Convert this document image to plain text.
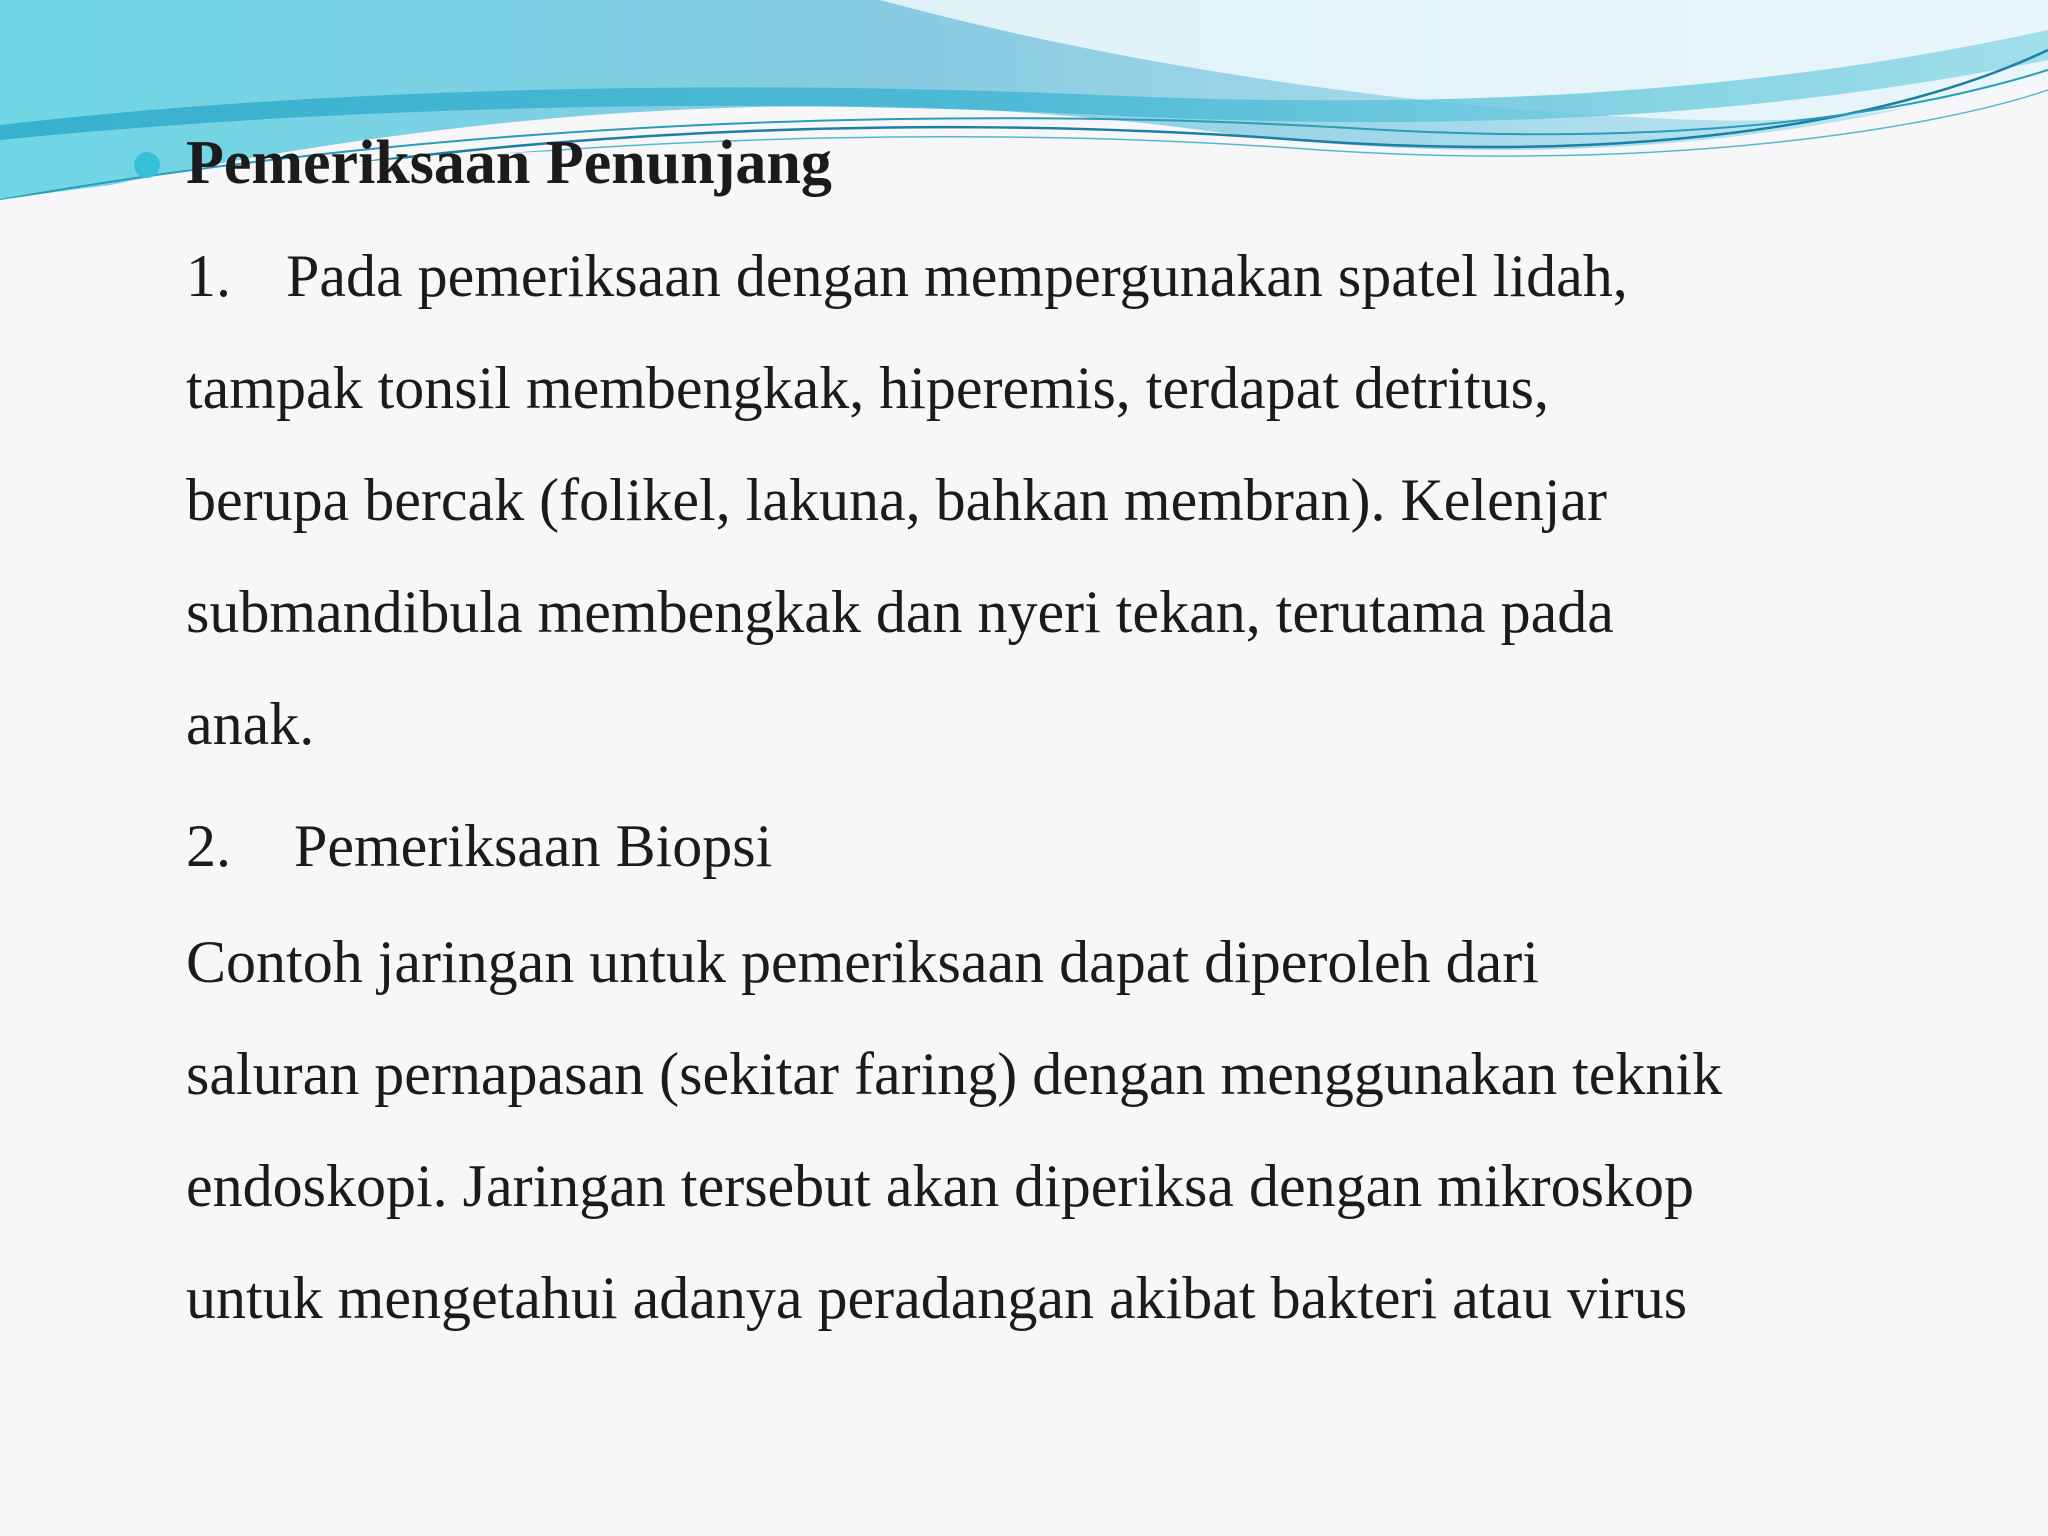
Pemeriksaan Penunjang

1. Pada pemeriksaan dengan mempergunakan spatel lidah,

tampak tonsil membengkak, hiperemis, terdapat detritus,

berupa bercak (folikel, lakuna, bahkan membran). Kelenjar

submandibula membengkak dan nyeri tekan, terutama pada

anak.

2. Pemeriksaan Biopsi

Contoh jaringan untuk pemeriksaan dapat diperoleh dari

saluran pernapasan (sekitar faring) dengan menggunakan teknik

endoskopi. Jaringan tersebut akan diperiksa dengan mikroskop

untuk mengetahui adanya peradangan akibat bakteri atau virus
